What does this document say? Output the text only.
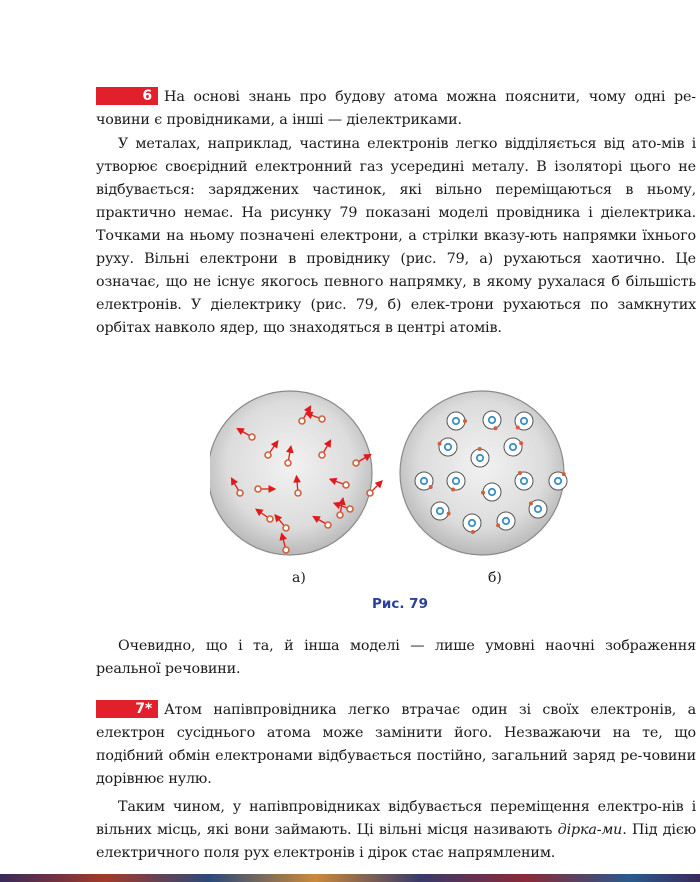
6 На основі знань про будову атома можна пояснити, чому одні ре-човини є провідниками, а інші — діелектриками.

У металах, наприклад, частина електронів легко відділяється від ато-мів і утворює своєрідний електронний газ усередині металу. В ізоляторі цього не відбувається: заряджених частинок, які вільно переміщаються в ньому, практично немає. На рисунку 79 показані моделі провідника і діелектрика. Точками на ньому позначені електрони, а стрілки вказу-ють напрямки їхнього руху. Вільні електрони в провіднику (рис. 79, а) рухаються хаотично. Це означає, що не існує якогось певного напрямку, в якому рухалася б більшість електронів. У діелектрику (рис. 79, б) елек-трони рухаються по замкнутих орбітах навколо ядер, що знаходяться в центрі атомів.

а)	б)
Рис. 79

Очевидно, що і та, й інша моделі — лише умовні наочні зображення реальної речовини.

7* Атом напівпровідника легко втрачає один зі своїх електронів, а електрон сусіднього атома може замінити його. Незважаючи на те, що подібний обмін електронами відбувається постійно, загальний заряд ре-човини дорівнює нулю.

Таким чином, у напівпровідниках відбувається переміщення електро-нів і вільних місць, які вони займають. Ці вільні місця називають дірка-ми. Під дією електричного поля рух електронів і дірок стає напрямленим.
